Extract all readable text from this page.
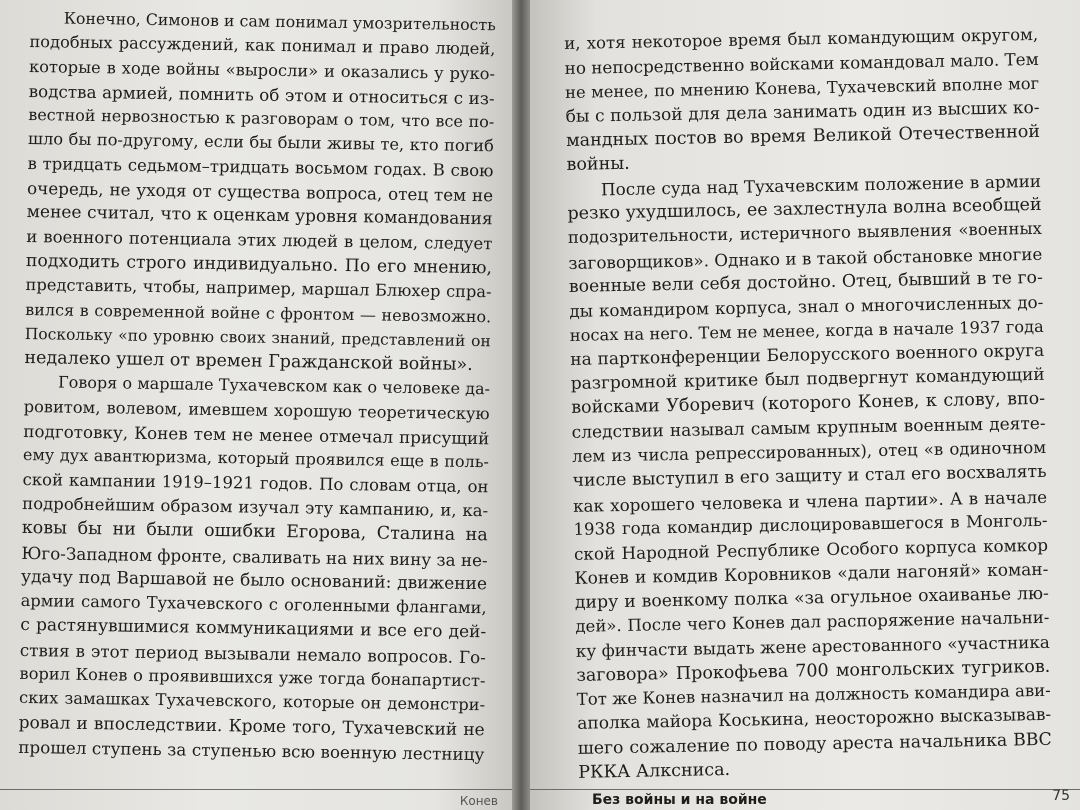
Конечно, Симонов и сам понимал умозрительность
подобных рассуждений, как понимал и право людей,
которые в ходе войны «выросли» и оказались у руко-
водства армией, помнить об этом и относиться с из-
вестной нервозностью к разговорам о том, что все по-
шло бы по-другому, если бы были живы те, кто погиб
в тридцать седьмом–тридцать восьмом годах. В свою
очередь, не уходя от существа вопроса, отец тем не
менее считал, что к оценкам уровня командования
и военного потенциала этих людей в целом, следует
подходить строго индивидуально. По его мнению,
представить, чтобы, например, маршал Блюхер спра-
вился в современной войне с фронтом — невозможно.
Поскольку «по уровню своих знаний, представлений он
недалеко ушел от времен Гражданской войны».
Говоря о маршале Тухачевском как о человеке да-
ровитом, волевом, имевшем хорошую теоретическую
подготовку, Конев тем не менее отмечал присущий
ему дух авантюризма, который проявился еще в поль-
ской кампании 1919–1921 годов. По словам отца, он
подробнейшим образом изучал эту кампанию, и, ка-
ковы бы ни были ошибки Егорова, Сталина на
Юго-Западном фронте, сваливать на них вину за не-
удачу под Варшавой не было оснований: движение
армии самого Тухачевского с оголенными флангами,
с растянувшимися коммуникациями и все его дей-
ствия в этот период вызывали немало вопросов. Го-
ворил Конев о проявившихся уже тогда бонапартист-
ских замашках Тухачевского, которые он демонстри-
ровал и впоследствии. Кроме того, Тухачевский не
прошел ступень за ступенью всю военную лестницу
Конев
и, хотя некоторое время был командующим округом,
но непосредственно войсками командовал мало. Тем
не менее, по мнению Конева, Тухачевский вполне мог
бы с пользой для дела занимать один из высших ко-
мандных постов во время Великой Отечественной
войны.
После суда над Тухачевским положение в армии
резко ухудшилось, ее захлестнула волна всеобщей
подозрительности, истеричного выявления «военных
заговорщиков». Однако и в такой обстановке многие
военные вели себя достойно. Отец, бывший в те го-
ды командиром корпуса, знал о многочисленных до-
носах на него. Тем не менее, когда в начале 1937 года
на партконференции Белорусского военного округа
разгромной критике был подвергнут командующий
войсками Уборевич (которого Конев, к слову, впо-
следствии называл самым крупным военным деяте-
лем из числа репрессированных), отец «в одиночном
числе выступил в его защиту и стал его восхвалять
как хорошего человека и члена партии». А в начале
1938 года командир дислоцировавшегося в Монголь-
ской Народной Республике Особого корпуса комкор
Конев и комдив Коровников «дали нагоняй» коман-
диру и военкому полка «за огульное охаиванье лю-
дей». После чего Конев дал распоряжение начальни-
ку финчасти выдать жене арестованного «участника
заговора» Прокофьева 700 монгольских тугриков.
Тот же Конев назначил на должность командира ави-
аполка майора Коськина, неосторожно высказывав-
шего сожаление по поводу ареста начальника ВВС
РККА Алксниса.
Без войны и на войне	75
